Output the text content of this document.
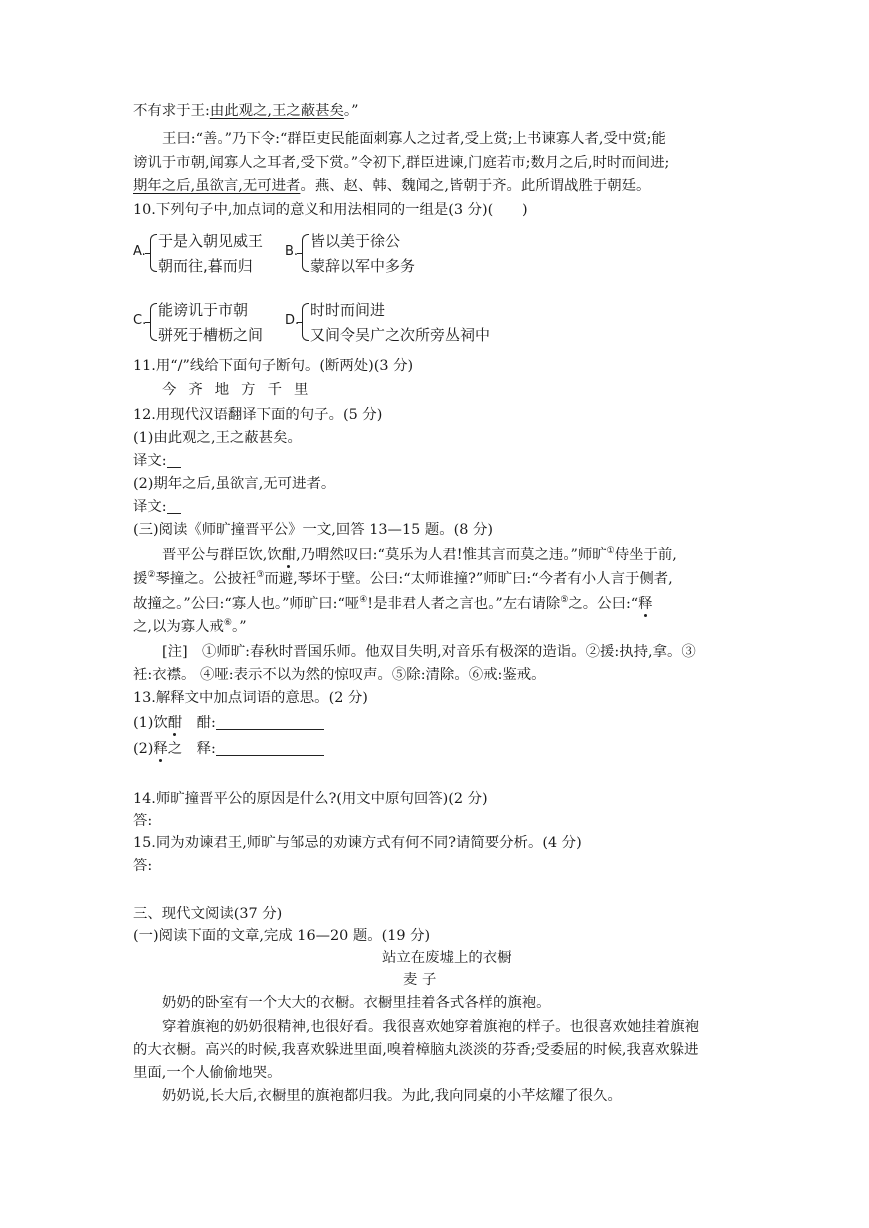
不有求于王:由此观之,王之蔽甚矣。”
王曰:“善。”乃下令:“群臣吏民能面刺寡人之过者,受上赏;上书谏寡人者,受中赏;能
谤讥于市朝,闻寡人之耳者,受下赏。”令初下,群臣进谏,门庭若市;数月之后,时时而间进;
期年之后,虽欲言,无可进者。燕、赵、韩、魏闻之,皆朝于齐。此所谓战胜于朝廷。
10.下列句子中,加点词的意义和用法相同的一组是(3 分)(　　)
A.
于是入朝见威王
朝而往,暮而归
B.
皆以美于徐公
蒙辞以军中多务
C.
能谤讥于市朝
骈死于槽枥之间
D.
时时而间进
又间令吴广之次所旁丛祠中
11.用“/”线给下面句子断句。(断两处)(3 分)
今齐地方千里
12.用现代汉语翻译下面的句子。(5 分)
(1)由此观之,王之蔽甚矣。
译文:
(2)期年之后,虽欲言,无可进者。
译文:
(三)阅读《师旷撞晋平公》一文,回答 13—15 题。(8 分)
晋平公与群臣饮,饮酣,乃喟然叹曰:“莫乐为人君!惟其言而莫之违。”师旷①侍坐于前,
援②琴撞之。公披衽③而避,琴坏于壁。公曰:“太师谁撞?”师旷曰:“今者有小人言于侧者,
故撞之。”公曰:“寡人也。”师旷曰:“哑④!是非君人者之言也。”左右请除⑤之。公曰:“释
之,以为寡人戒⑥。”
[注]　①师旷:春秋时晋国乐师。他双目失明,对音乐有极深的造诣。②援:执持,拿。③
衽:衣襟。 ④哑:表示不以为然的惊叹声。⑤除:清除。⑥戒:鉴戒。
13.解释文中加点词语的意思。(2 分)
(1)饮酣　酣:
(2)释之　释:
14.师旷撞晋平公的原因是什么?(用文中原句回答)(2 分)
答:
15.同为劝谏君王,师旷与邹忌的劝谏方式有何不同?请简要分析。(4 分)
答:
三、现代文阅读(37 分)
(一)阅读下面的文章,完成 16—20 题。(19 分)
站立在废墟上的衣橱
麦 子
奶奶的卧室有一个大大的衣橱。衣橱里挂着各式各样的旗袍。
穿着旗袍的奶奶很精神,也很好看。我很喜欢她穿着旗袍的样子。也很喜欢她挂着旗袍
的大衣橱。高兴的时候,我喜欢躲进里面,嗅着樟脑丸淡淡的芬香;受委屈的时候,我喜欢躲进
里面,一个人偷偷地哭。
奶奶说,长大后,衣橱里的旗袍都归我。为此,我向同桌的小芊炫耀了很久。
